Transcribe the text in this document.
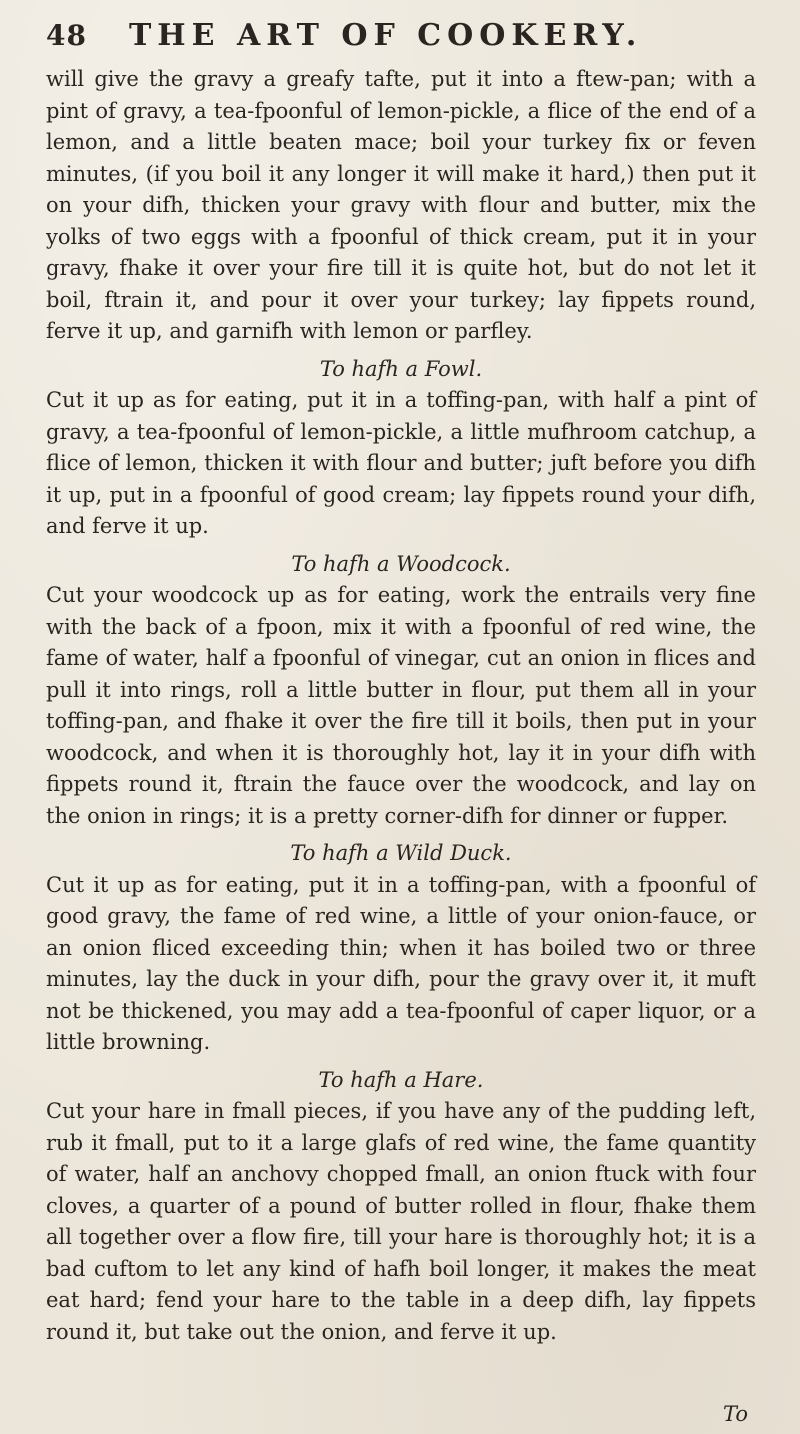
48 THE ART OF COOKERY.

will give the gravy a greafy tafte, put it into a ftew-pan; with a pint of gravy, a tea-fpoonful of lemon-pickle, a flice of the end of a lemon, and a little beaten mace; boil your turkey fix or feven minutes, (if you boil it any longer it will make it hard,) then put it on your difh, thicken your gravy with flour and butter, mix the yolks of two eggs with a fpoonful of thick cream, put it in your gravy, fhake it over your fire till it is quite hot, but do not let it boil, ftrain it, and pour it over your turkey; lay fippets round, ferve it up, and garnifh with lemon or parfley.

To hafh a Fowl.

Cut it up as for eating, put it in a toffing-pan, with half a pint of gravy, a tea-fpoonful of lemon-pickle, a little mufhroom catchup, a flice of lemon, thicken it with flour and butter; juft before you difh it up, put in a fpoonful of good cream; lay fippets round your difh, and ferve it up.

To hafh a Woodcock.

Cut your woodcock up as for eating, work the entrails very fine with the back of a fpoon, mix it with a fpoonful of red wine, the fame of water, half a fpoonful of vinegar, cut an onion in flices and pull it into rings, roll a little butter in flour, put them all in your toffing-pan, and fhake it over the fire till it boils, then put in your woodcock, and when it is thoroughly hot, lay it in your difh with fippets round it, ftrain the fauce over the woodcock, and lay on the onion in rings; it is a pretty corner-difh for dinner or fupper.

To hafh a Wild Duck.

Cut it up as for eating, put it in a toffing-pan, with a fpoonful of good gravy, the fame of red wine, a little of your onion-fauce, or an onion fliced exceeding thin; when it has boiled two or three minutes, lay the duck in your difh, pour the gravy over it, it muft not be thickened, you may add a tea-fpoonful of caper liquor, or a little browning.

To hafh a Hare.

Cut your hare in fmall pieces, if you have any of the pudding left, rub it fmall, put to it a large glafs of red wine, the fame quantity of water, half an anchovy chopped fmall, an onion ftuck with four cloves, a quarter of a pound of butter rolled in flour, fhake them all together over a flow fire, till your hare is thoroughly hot; it is a bad cuftom to let any kind of hafh boil longer, it makes the meat eat hard; fend your hare to the table in a deep difh, lay fippets round it, but take out the onion, and ferve it up.

To
